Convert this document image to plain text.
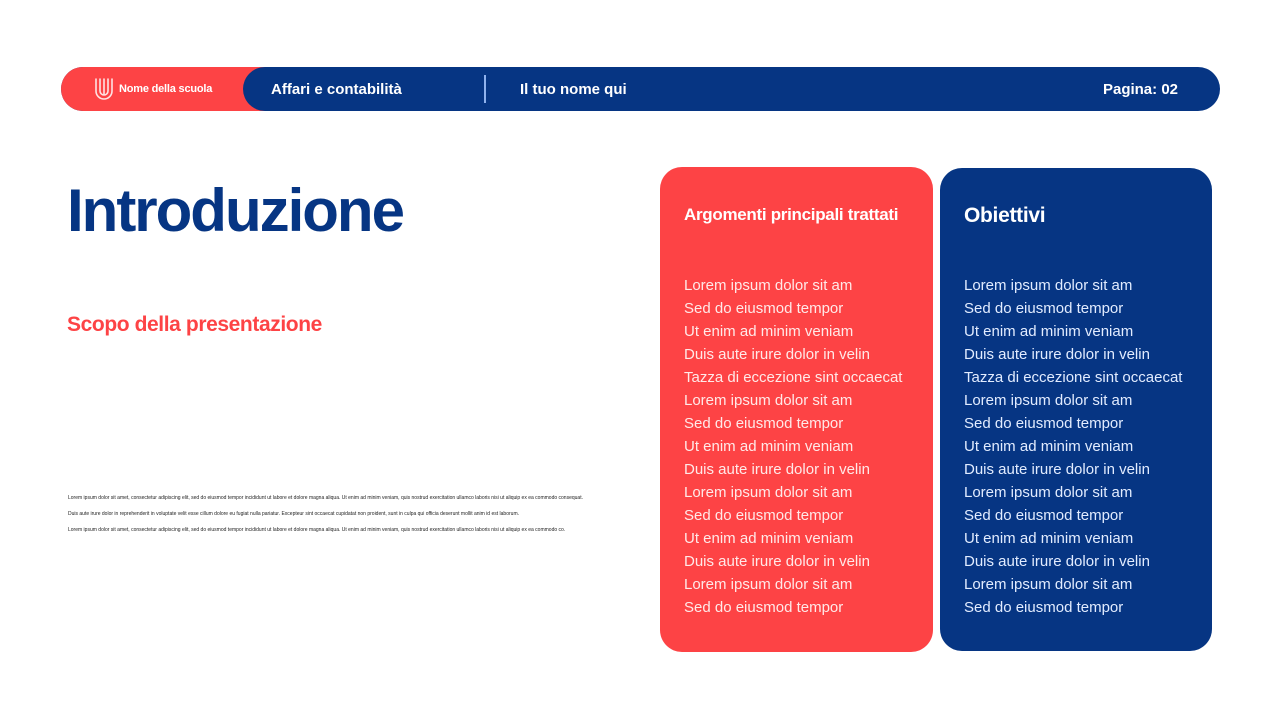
Nome della scuola	Affari e contabilità	Il tuo nome qui	Pagina: 02
Introduzione
Scopo della presentazione

Lorem ipsum dolor sit amet, consectetur adipiscing elit, sed do eiusmod tempor incididunt ut labore et dolore magna aliqua. Ut enim ad minim veniam, quis nostrud exercitation ullamco laboris nisi ut aliquip ex ea commodo consequat.

Duis aute irure dolor in reprehenderit in voluptate velit esse cillum dolore eu fugiat nulla pariatur. Excepteur sint occaecat cupidatat non proident, sunt in culpa qui officia deserunt mollit anim id est laborum.

Lorem ipsum dolor sit amet, consectetur adipiscing elit, sed do eiusmod tempor incididunt ut labore et dolore magna aliqua. Ut enim ad minim veniam, quis nostrud exercitation ullamco laboris nisi ut aliquip ex ea commodo co.

Argomenti principali trattati
Lorem ipsum dolor sit am
Sed do eiusmod tempor
Ut enim ad minim veniam
Duis aute irure dolor in velin
Tazza di eccezione sint occaecat
Lorem ipsum dolor sit am
Sed do eiusmod tempor
Ut enim ad minim veniam
Duis aute irure dolor in velin
Lorem ipsum dolor sit am
Sed do eiusmod tempor
Ut enim ad minim veniam
Duis aute irure dolor in velin
Lorem ipsum dolor sit am
Sed do eiusmod tempor
Obiettivi
Lorem ipsum dolor sit am
Sed do eiusmod tempor
Ut enim ad minim veniam
Duis aute irure dolor in velin
Tazza di eccezione sint occaecat
Lorem ipsum dolor sit am
Sed do eiusmod tempor
Ut enim ad minim veniam
Duis aute irure dolor in velin
Lorem ipsum dolor sit am
Sed do eiusmod tempor
Ut enim ad minim veniam
Duis aute irure dolor in velin
Lorem ipsum dolor sit am
Sed do eiusmod tempor
